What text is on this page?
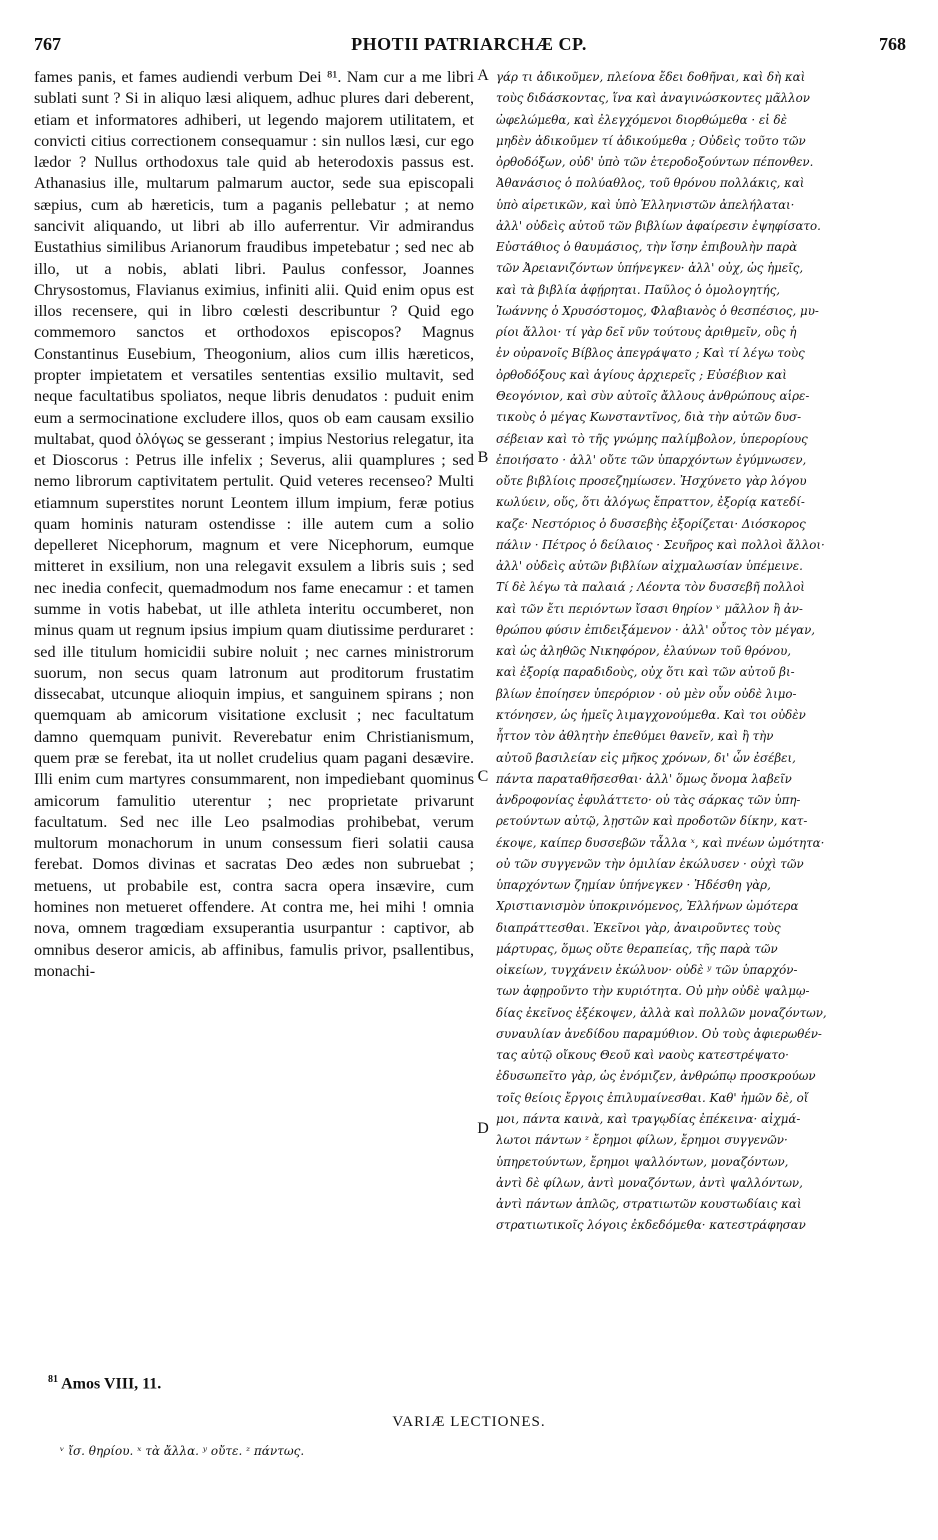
767	PHOTII PATRIARCHÆ CP.	768
fames panis, et fames audiendi verbum Dei ⁸¹. Nam cur a me libri sublati sunt ? Si in aliquo læsi aliquem, adhuc plures dari deberent, etiam et informatores adhiberi, ut legendo majorem utilitatem, et convicti citius correctionem consequamur : sin nullos læsi, cur ego lædor ? Nullus orthodoxus tale quid ab heterodoxis passus est. Athanasius ille, multarum palmarum auctor, sede sua episcopali sæpius, cum ab hæreticis, tum a paganis pellebatur ; at nemo sancivit aliquando, ut libri ab illo auferrentur. Vir admirandus Eustathius similibus Arianorum fraudibus impetebatur ; sed nec ab illo, ut a nobis, ablati libri. Paulus confessor, Joannes Chrysostomus, Flavianus eximius, infiniti alii. Quid enim opus est illos recensere, qui in libro cœlesti describuntur ? Quid ego commemoro sanctos et orthodoxos episcopos? Magnus Constantinus Eusebium, Theogonium, alios cum illis hæreticos, propter impietatem et versatiles sententias exsilio multavit, sed neque facultatibus spoliatos, neque libris denudatos : puduit enim eum a sermocinatione excludere illos, quos ob eam causam exsilio multabat, quod ὀλόγως se gesserant ; impius Nestorius relegatur, ita et Dioscorus : Petrus ille infelix ; Severus, alii quamplures ; sed nemo librorum captivitatem pertulit. Quid veteres recenseo? Multi etiamnum superstites norunt Leontem illum impium, feræ potius quam hominis naturam ostendisse : ille autem cum a solio depelleret Nicephorum, magnum et vere Nicephorum, eumque mitteret in exsilium, non una relegavit exsulem a libris suis ; sed nec inedia confecit, quemadmodum nos fame enecamur : et tamen summe in votis habebat, ut ille athleta interitu occumberet, non minus quam ut regnum ipsius impium quam diutissime perduraret : sed ille titulum homicidii subire noluit ; nec carnes ministrorum suorum, non secus quam latronum aut proditorum frustatim dissecabat, utcunque alioquin impius, et sanguinem spirans ; non quemquam ab amicorum visitatione exclusit ; nec facultatum damno quemquam punivit. Reverebatur enim Christianismum, quem præ se ferebat, ita ut nollet crudelius quam pagani desævire. Illi enim cum martyres consummarent, non impediebant quominus amicorum famulitio uterentur ; nec proprietate privarunt facultatum. Sed nec ille Leo psalmodias prohibebat, verum multorum monachorum in unum consessum fieri solatii causa ferebat. Domos divinas et sacratas Deo ædes non subruebat ; metuens, ut probabile est, contra sacra opera insævire, cum homines non metueret offendere. At contra me, hei mihi ! omnia nova, omnem tragœdiam exsuperantia usurpantur : captivor, ab omnibus deseror amicis, ab affinibus, famulis privor, psallentibus, monachi-
A
B
C
D
γάρ τι ἀδικοῦμεν, πλείονα ἔδει δοθῆναι, καὶ δὴ καὶ
τοὺς διδάσκοντας, ἵνα καὶ ἀναγινώσκοντες μᾶλλον
ὠφελώμεθα, καὶ ἐλεγχόμενοι διορθώμεθα · εἰ δὲ
μηδὲν ἀδικοῦμεν τί ἀδικούμεθα ; Οὐδεὶς τοῦτο τῶν
ὀρθοδόξων, οὐδ' ὑπὸ τῶν ἑτεροδοξούντων πέπονθεν.
Ἀθανάσιος ὁ πολύαθλος, τοῦ θρόνου πολλάκις, καὶ
ὑπὸ αἱρετικῶν, καὶ ὑπὸ Ἑλληνιστῶν ἀπελήλαται·
ἀλλ' οὐδεὶς αὐτοῦ τῶν βιβλίων ἀφαίρεσιν ἐψηφίσατο.
Εὐστάθιος ὁ θαυμάσιος, τὴν ἴσην ἐπιβουλὴν παρὰ
τῶν Ἀρειανιζόντων ὑπήνεγκεν· ἀλλ' οὐχ, ὡς ἡμεῖς,
καὶ τὰ βιβλία ἀφῄρηται. Παῦλος ὁ ὁμολογητής,
Ἰωάννης ὁ Χρυσόστομος, Φλαβιανὸς ὁ θεσπέσιος, μυ-
ρίοι ἄλλοι· τί γὰρ δεῖ νῦν τούτους ἀριθμεῖν, οὓς ἡ
ἐν οὐρανοῖς Βίβλος ἀπεγράψατο ; Καὶ τί λέγω τοὺς
ὀρθοδόξους καὶ ἁγίους ἀρχιερεῖς ; Εὐσέβιον καὶ
Θεογόνιον, καὶ σὺν αὐτοῖς ἄλλους ἀνθρώπους αἱρε-
τικοὺς ὁ μέγας Κωνσταντῖνος, διὰ τὴν αὐτῶν δυσ-
σέβειαν καὶ τὸ τῆς γνώμης παλίμβολον, ὑπερορίους
ἐποιήσατο · ἀλλ' οὔτε τῶν ὑπαρχόντων ἐγύμνωσεν,
οὔτε βιβλίοις προσεζημίωσεν. Ἠσχύνετο γὰρ λόγου
κωλύειν, οὕς, ὅτι ἀλόγως ἔπραττον, ἐξορίᾳ κατεδί-
καζε· Νεστόριος ὁ δυσσεβὴς ἐξορίζεται· Διόσκορος
πάλιν · Πέτρος ὁ δείλαιος · Σευῆρος καὶ πολλοὶ ἄλλοι·
ἀλλ' οὐδεὶς αὐτῶν βιβλίων αἰχμαλωσίαν ὑπέμεινε.
Τί δὲ λέγω τὰ παλαιά ; Λέοντα τὸν δυσσεβῆ πολλοὶ
καὶ τῶν ἔτι περιόντων ἴσασι θηρίον ᵛ μᾶλλον ἢ ἀν-
θρώπου φύσιν ἐπιδειξάμενον · ἀλλ' οὗτος τὸν μέγαν,
καὶ ὡς ἀληθῶς Νικηφόρον, ἐλαύνων τοῦ θρόνου,
καὶ ἐξορίᾳ παραδιδοὺς, οὐχ ὅτι καὶ τῶν αὐτοῦ βι-
βλίων ἐποίησεν ὑπερόριον · οὐ μὲν οὖν οὐδὲ λιμο-
κτόνησεν, ὡς ἡμεῖς λιμαγχονούμεθα. Καὶ τοι οὐδὲν
ἧττον τὸν ἀθλητὴν ἐπεθύμει θανεῖν, καὶ ἢ τὴν
αὐτοῦ βασιλείαν εἰς μῆκος χρόνων, δι' ὧν ἐσέβει,
πάντα παραταθῆσεσθαι· ἀλλ' ὅμως ὄνομα λαβεῖν
ἀνδροφονίας ἐφυλάττετο· οὐ τὰς σάρκας τῶν ὑπη-
ρετούντων αὐτῷ, λῃστῶν καὶ προδοτῶν δίκην, κατ-
έκοψε, καίπερ δυσσεβῶν τἆλλα ˣ, καὶ πνέων ὠμότητα·
οὐ τῶν συγγενῶν τὴν ὁμιλίαν ἐκώλυσεν · οὐχὶ τῶν
ὑπαρχόντων ζημίαν ὑπήνεγκεν · Ἠδέσθη γὰρ,
Χριστιανισμὸν ὑποκρινόμενος, Ἑλλήνων ὠμότερα
διαπράττεσθαι. Ἐκεῖνοι γὰρ, ἀναιροῦντες τοὺς
μάρτυρας, ὅμως οὔτε θεραπείας, τῆς παρὰ τῶν
οἰκείων, τυγχάνειν ἐκώλυον· οὐδὲ ʸ τῶν ὑπαρχόν-
των ἀφῃροῦντο τὴν κυριότητα. Οὐ μὴν οὐδὲ ψαλμῳ-
δίας ἐκεῖνος ἐξέκοψεν, ἀλλὰ καὶ πολλῶν μοναζόντων,
συναυλίαν ἀνεδίδου παραμύθιον. Οὐ τοὺς ἀφιερωθέν-
τας αὐτῷ οἴκους Θεοῦ καὶ ναοὺς κατεστρέψατο·
ἐδυσωπεῖτο γὰρ, ὡς ἐνόμιζεν, ἀνθρώπῳ προσκρούων
τοῖς θείοις ἔργοις ἐπιλυμαίνεσθαι. Καθ' ἡμῶν δὲ, οἴ
μοι, πάντα καινὰ, καὶ τραγῳδίας ἐπέκεινα· αἰχμά-
λωτοι πάντων ᶻ ἔρημοι φίλων, ἔρημοι συγγενῶν·
ὑπηρετούντων, ἔρημοι ψαλλόντων, μοναζόντων,
ἀντὶ δὲ φίλων, ἀντὶ μοναζόντων, ἀντὶ ψαλλόντων,
ἀντὶ πάντων ἁπλῶς, στρατιωτῶν κουστωδίαις καὶ
στρατιωτικοῖς λόγοις ἐκδεδόμεθα· κατεστράφησαν
$^{81}$ Amos VIII, 11.
VARIÆ LECTIONES.
ᵛ ἴσ. θηρίου. ˣ τὰ ἄλλα. ʸ οὔτε. ᶻ πάντως.
